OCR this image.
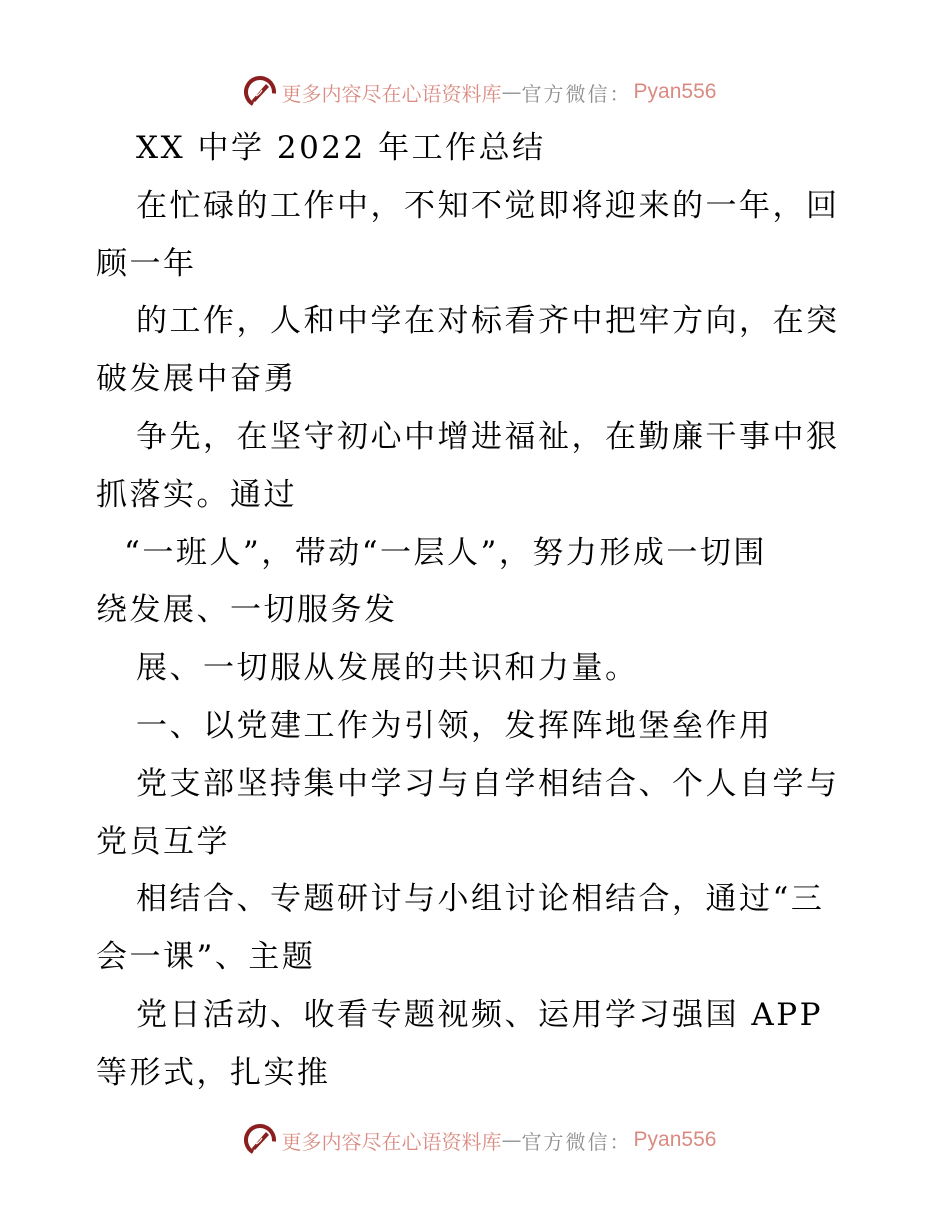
更多内容尽在心语资料库 — 官方微信： Pyan556
XX 中学 2022 年工作总结
在忙碌的工作中，不知不觉即将迎来的一年，回
顾一年
的工作，人和中学在对标看齐中把牢方向，在突
破发展中奋勇
争先，在坚守初心中增进福祉，在勤廉干事中狠
抓落实。通过
“一班人”，带动“一层人”，努力形成一切围
绕发展、一切服务发
展、一切服从发展的共识和力量。
一、以党建工作为引领，发挥阵地堡垒作用
党支部坚持集中学习与自学相结合、个人自学与
党员互学
相结合、专题研讨与小组讨论相结合，通过“三
会一课”、主题
党日活动、收看专题视频、运用学习强国 APP
等形式，扎实推
更多内容尽在心语资料库 — 官方微信： Pyan556
